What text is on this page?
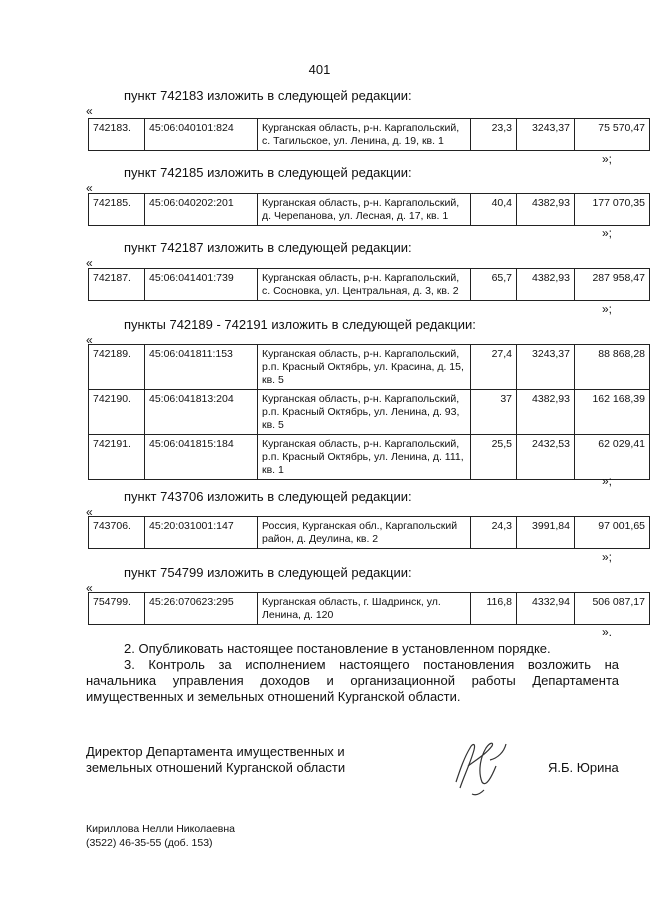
401
пункт 742183 изложить в следующей редакции:
«
742183.	45:06:040101:824	Курганская область, р-н. Каргапольский, с. Тагильское, ул. Ленина, д. 19, кв. 1	23,3	3243,37	75 570,47
»;
пункт 742185 изложить в следующей редакции:
«
742185.	45:06:040202:201	Курганская область, р-н. Каргапольский, д. Черепанова, ул. Лесная, д. 17, кв. 1	40,4	4382,93	177 070,35
»;
пункт 742187 изложить в следующей редакции:
«
742187.	45:06:041401:739	Курганская область, р-н. Каргапольский, с. Сосновка, ул. Центральная, д. 3, кв. 2	65,7	4382,93	287 958,47
»;
пункты 742189 - 742191 изложить в следующей редакции:
«
742189.	45:06:041811:153	Курганская область, р-н. Каргапольский, р.п. Красный Октябрь, ул. Красина, д. 15, кв. 5	27,4	3243,37	88 868,28
742190.	45:06:041813:204	Курганская область, р-н. Каргапольский, р.п. Красный Октябрь, ул. Ленина, д. 93, кв. 5	37	4382,93	162 168,39
742191.	45:06:041815:184	Курганская область, р-н. Каргапольский, р.п. Красный Октябрь, ул. Ленина, д. 111, кв. 1	25,5	2432,53	62 029,41
»;
пункт 743706 изложить в следующей редакции:
«
743706.	45:20:031001:147	Россия, Курганская обл., Каргапольский район, д. Деулина, кв. 2	24,3	3991,84	97 001,65
»;
пункт 754799 изложить в следующей редакции:
«
754799.	45:26:070623:295	Курганская область, г. Шадринск, ул. Ленина, д. 120	116,8	4332,94	506 087,17
».
2. Опубликовать настоящее постановление в установленном порядке.
3. Контроль за исполнением настоящего постановления возложить на начальника управления доходов и организационной работы Департамента имущественных и земельных отношений Курганской области.
Директор Департамента имущественных и
земельных отношений Курганской области	Я.Б. Юрина
Кириллова Нелли Николаевна
(3522) 46-35-55 (доб. 153)
